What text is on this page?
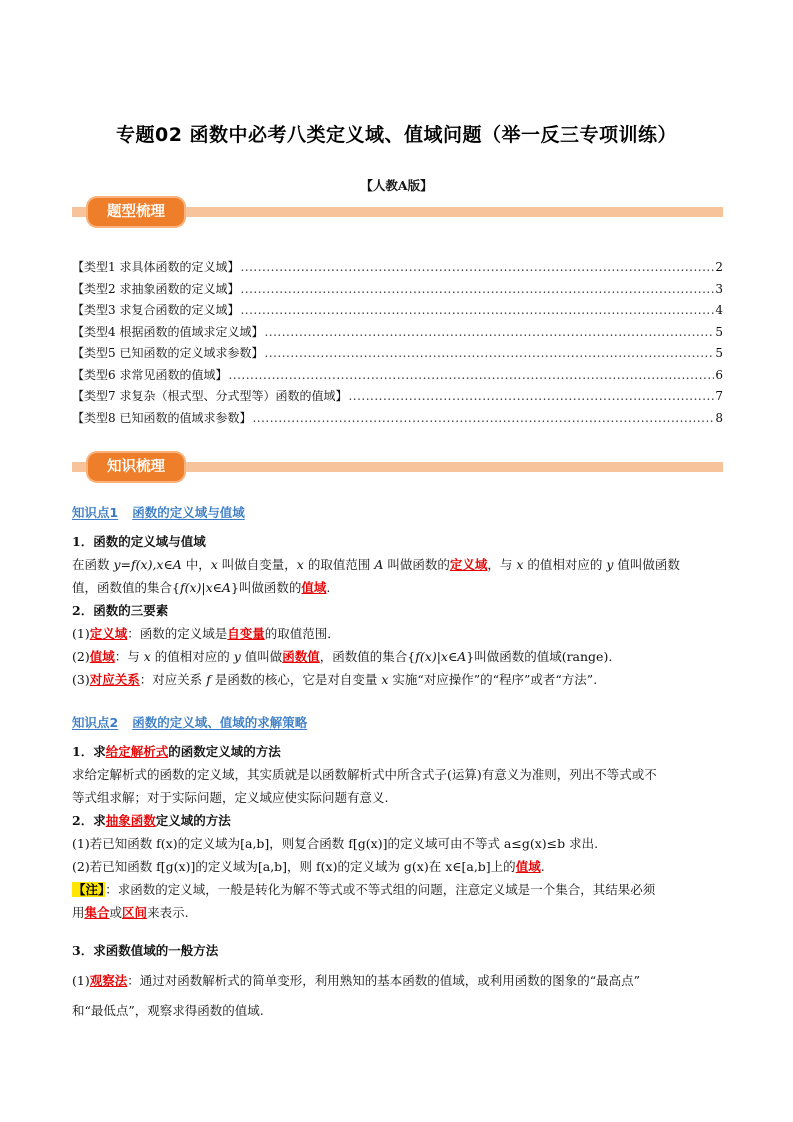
专题02 函数中必考八类定义域、值域问题（举一反三专项训练）
【人教A版】
题型梳理
【类型1 求具体函数的定义域】 .....	2
【类型2 求抽象函数的定义域】 .....	3
【类型3 求复合函数的定义域】 .....	4
【类型4 根据函数的值域求定义域】 .....	5
【类型5 已知函数的定义域求参数】 .....	5
【类型6 求常见函数的值域】 .....	6
【类型7 求复杂（根式型、分式型等）函数的值域】 .....	7
【类型8 已知函数的值域求参数】 .....	8
知识梳理
知识点1 函数的定义域与值域
1．函数的定义域与值域
在函数 y=f(x),x∈A 中，x 叫做自变量，x 的取值范围 A 叫做函数的定义域，与 x 的值相对应的 y 值叫做函数
值，函数值的集合{f(x)|x∈A}叫做函数的值域.
2．函数的三要素
(1)定义域：函数的定义域是自变量的取值范围．
(2)值域：与 x 的值相对应的 y 值叫做函数值，函数值的集合{f(x)|x∈A}叫做函数的值域(range).
(3)对应关系：对应关系 f 是函数的核心，它是对自变量 x 实施“对应操作”的“程序”或者“方法”.
知识点2 函数的定义域、值域的求解策略
1．求给定解析式的函数定义域的方法
求给定解析式的函数的定义域，其实质就是以函数解析式中所含式子(运算)有意义为准则，列出不等式或不
等式组求解；对于实际问题，定义域应使实际问题有意义.
2．求抽象函数定义域的方法
(1)若已知函数 f(x)的定义域为[a,b]，则复合函数 f[g(x)]的定义域可由不等式 a≤g(x)≤b 求出.
(2)若已知函数 f[g(x)]的定义域为[a,b]，则 f(x)的定义域为 g(x)在 x∈[a,b]上的值域.
【注】：求函数的定义域，一般是转化为解不等式或不等式组的问题，注意定义域是一个集合，其结果必须
用集合或区间来表示.
3．求函数值域的一般方法
(1)观察法：通过对函数解析式的简单变形，利用熟知的基本函数的值域，或利用函数的图象的“最高点”
和“最低点”，观察求得函数的值域.
